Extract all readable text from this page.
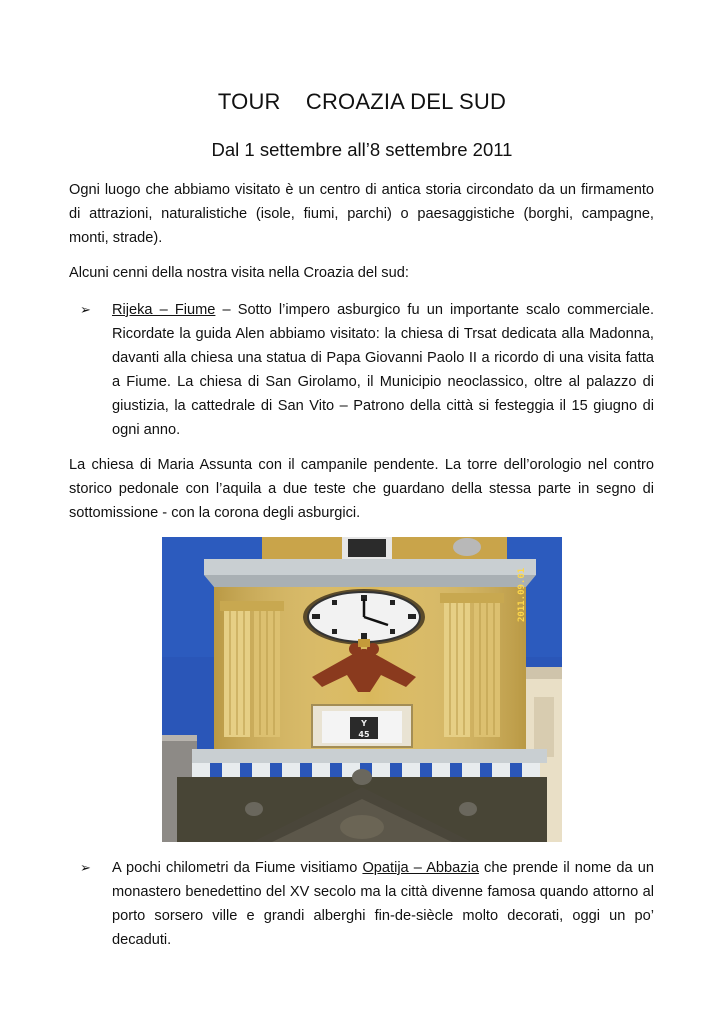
TOUR    CROAZIA DEL SUD
Dal 1 settembre all’8 settembre 2011
Ogni luogo che abbiamo visitato è un centro di antica storia circondato da un firmamento di attrazioni, naturalistiche (isole, fiumi, parchi) o paesaggistiche (borghi, campagne, monti, strade).
Alcuni cenni della nostra visita nella Croazia del sud:
➢ Rijeka – Fiume – Sotto l’impero asburgico fu un importante scalo commerciale. Ricordate la guida Alen abbiamo visitato: la chiesa di Trsat dedicata alla Madonna, davanti alla chiesa una statua di Papa Giovanni Paolo II a ricordo di una visita fatta a Fiume. La chiesa di San Girolamo, il Municipio neoclassico, oltre al palazzo di giustizia, la cattedrale di San Vito – Patrono della città si festeggia il 15 giugno di ogni anno.
La chiesa di Maria Assunta con il campanile pendente. La torre dell’orologio nel contro storico pedonale con l’aquila a due teste che guardano della stessa parte in segno di sottomissione - con la corona degli asburgici.
Y
45
2011.09.01
➢ A pochi chilometri da Fiume visitiamo Opatija – Abbazia che prende il nome da un monastero benedettino del XV secolo ma la città divenne famosa quando attorno al porto sorsero ville e grandi alberghi fin-de-siècle molto decorati, oggi un po’ decaduti.
